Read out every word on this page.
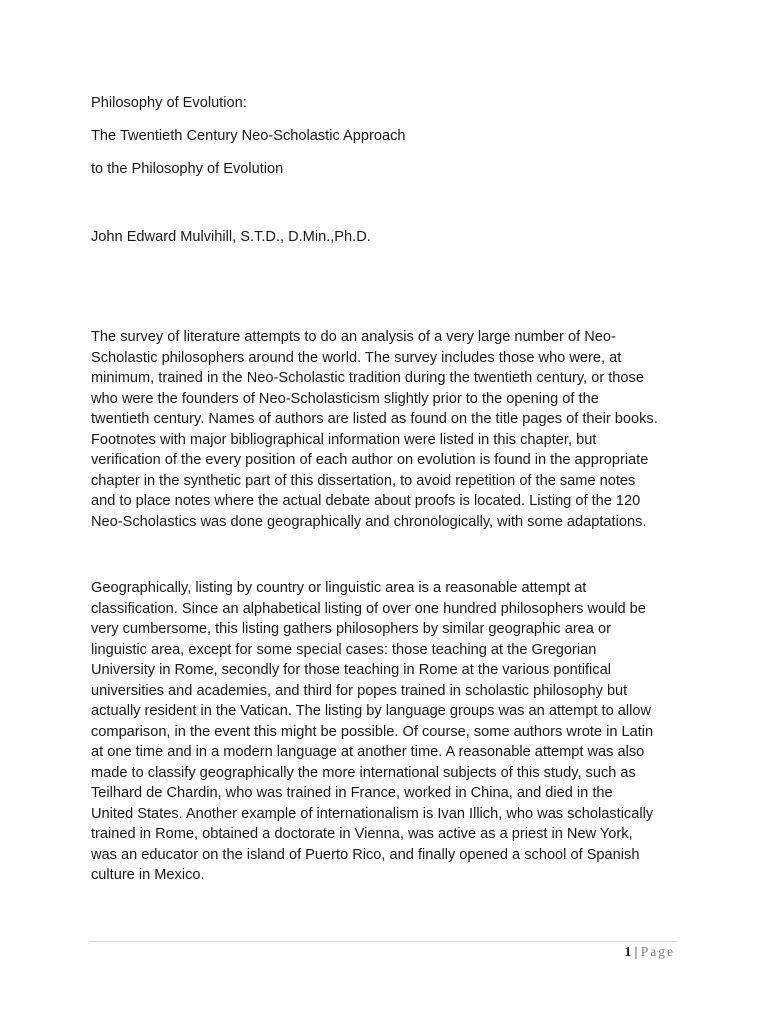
Philosophy of Evolution:
The Twentieth Century Neo-Scholastic Approach
to the Philosophy of Evolution
John Edward Mulvihill, S.T.D., D.Min.,Ph.D.
The survey of literature attempts to do an analysis of a very large number of Neo-
Scholastic philosophers around the world. The survey includes those who were, at
minimum, trained in the Neo-Scholastic tradition during the twentieth century, or those
who were the founders of Neo-Scholasticism slightly prior to the opening of the
twentieth century. Names of authors are listed as found on the title pages of their books.
Footnotes with major bibliographical information were listed in this chapter, but
verification of the every position of each author on evolution is found in the appropriate
chapter in the synthetic part of this dissertation, to avoid repetition of the same notes
and to place notes where the actual debate about proofs is located. Listing of the 120
Neo-Scholastics was done geographically and chronologically, with some adaptations.
Geographically, listing by country or linguistic area is a reasonable attempt at
classification. Since an alphabetical listing of over one hundred philosophers would be
very cumbersome, this listing gathers philosophers by similar geographic area or
linguistic area, except for some special cases: those teaching at the Gregorian
University in Rome, secondly for those teaching in Rome at the various pontifical
universities and academies, and third for popes trained in scholastic philosophy but
actually resident in the Vatican. The listing by language groups was an attempt to allow
comparison, in the event this might be possible. Of course, some authors wrote in Latin
at one time and in a modern language at another time. A reasonable attempt was also
made to classify geographically the more international subjects of this study, such as
Teilhard de Chardin, who was trained in France, worked in China, and died in the
United States. Another example of internationalism is Ivan Illich, who was scholastically
trained in Rome, obtained a doctorate in Vienna, was active as a priest in New York,
was an educator on the island of Puerto Rico, and finally opened a school of Spanish
culture in Mexico.
1 | Page
